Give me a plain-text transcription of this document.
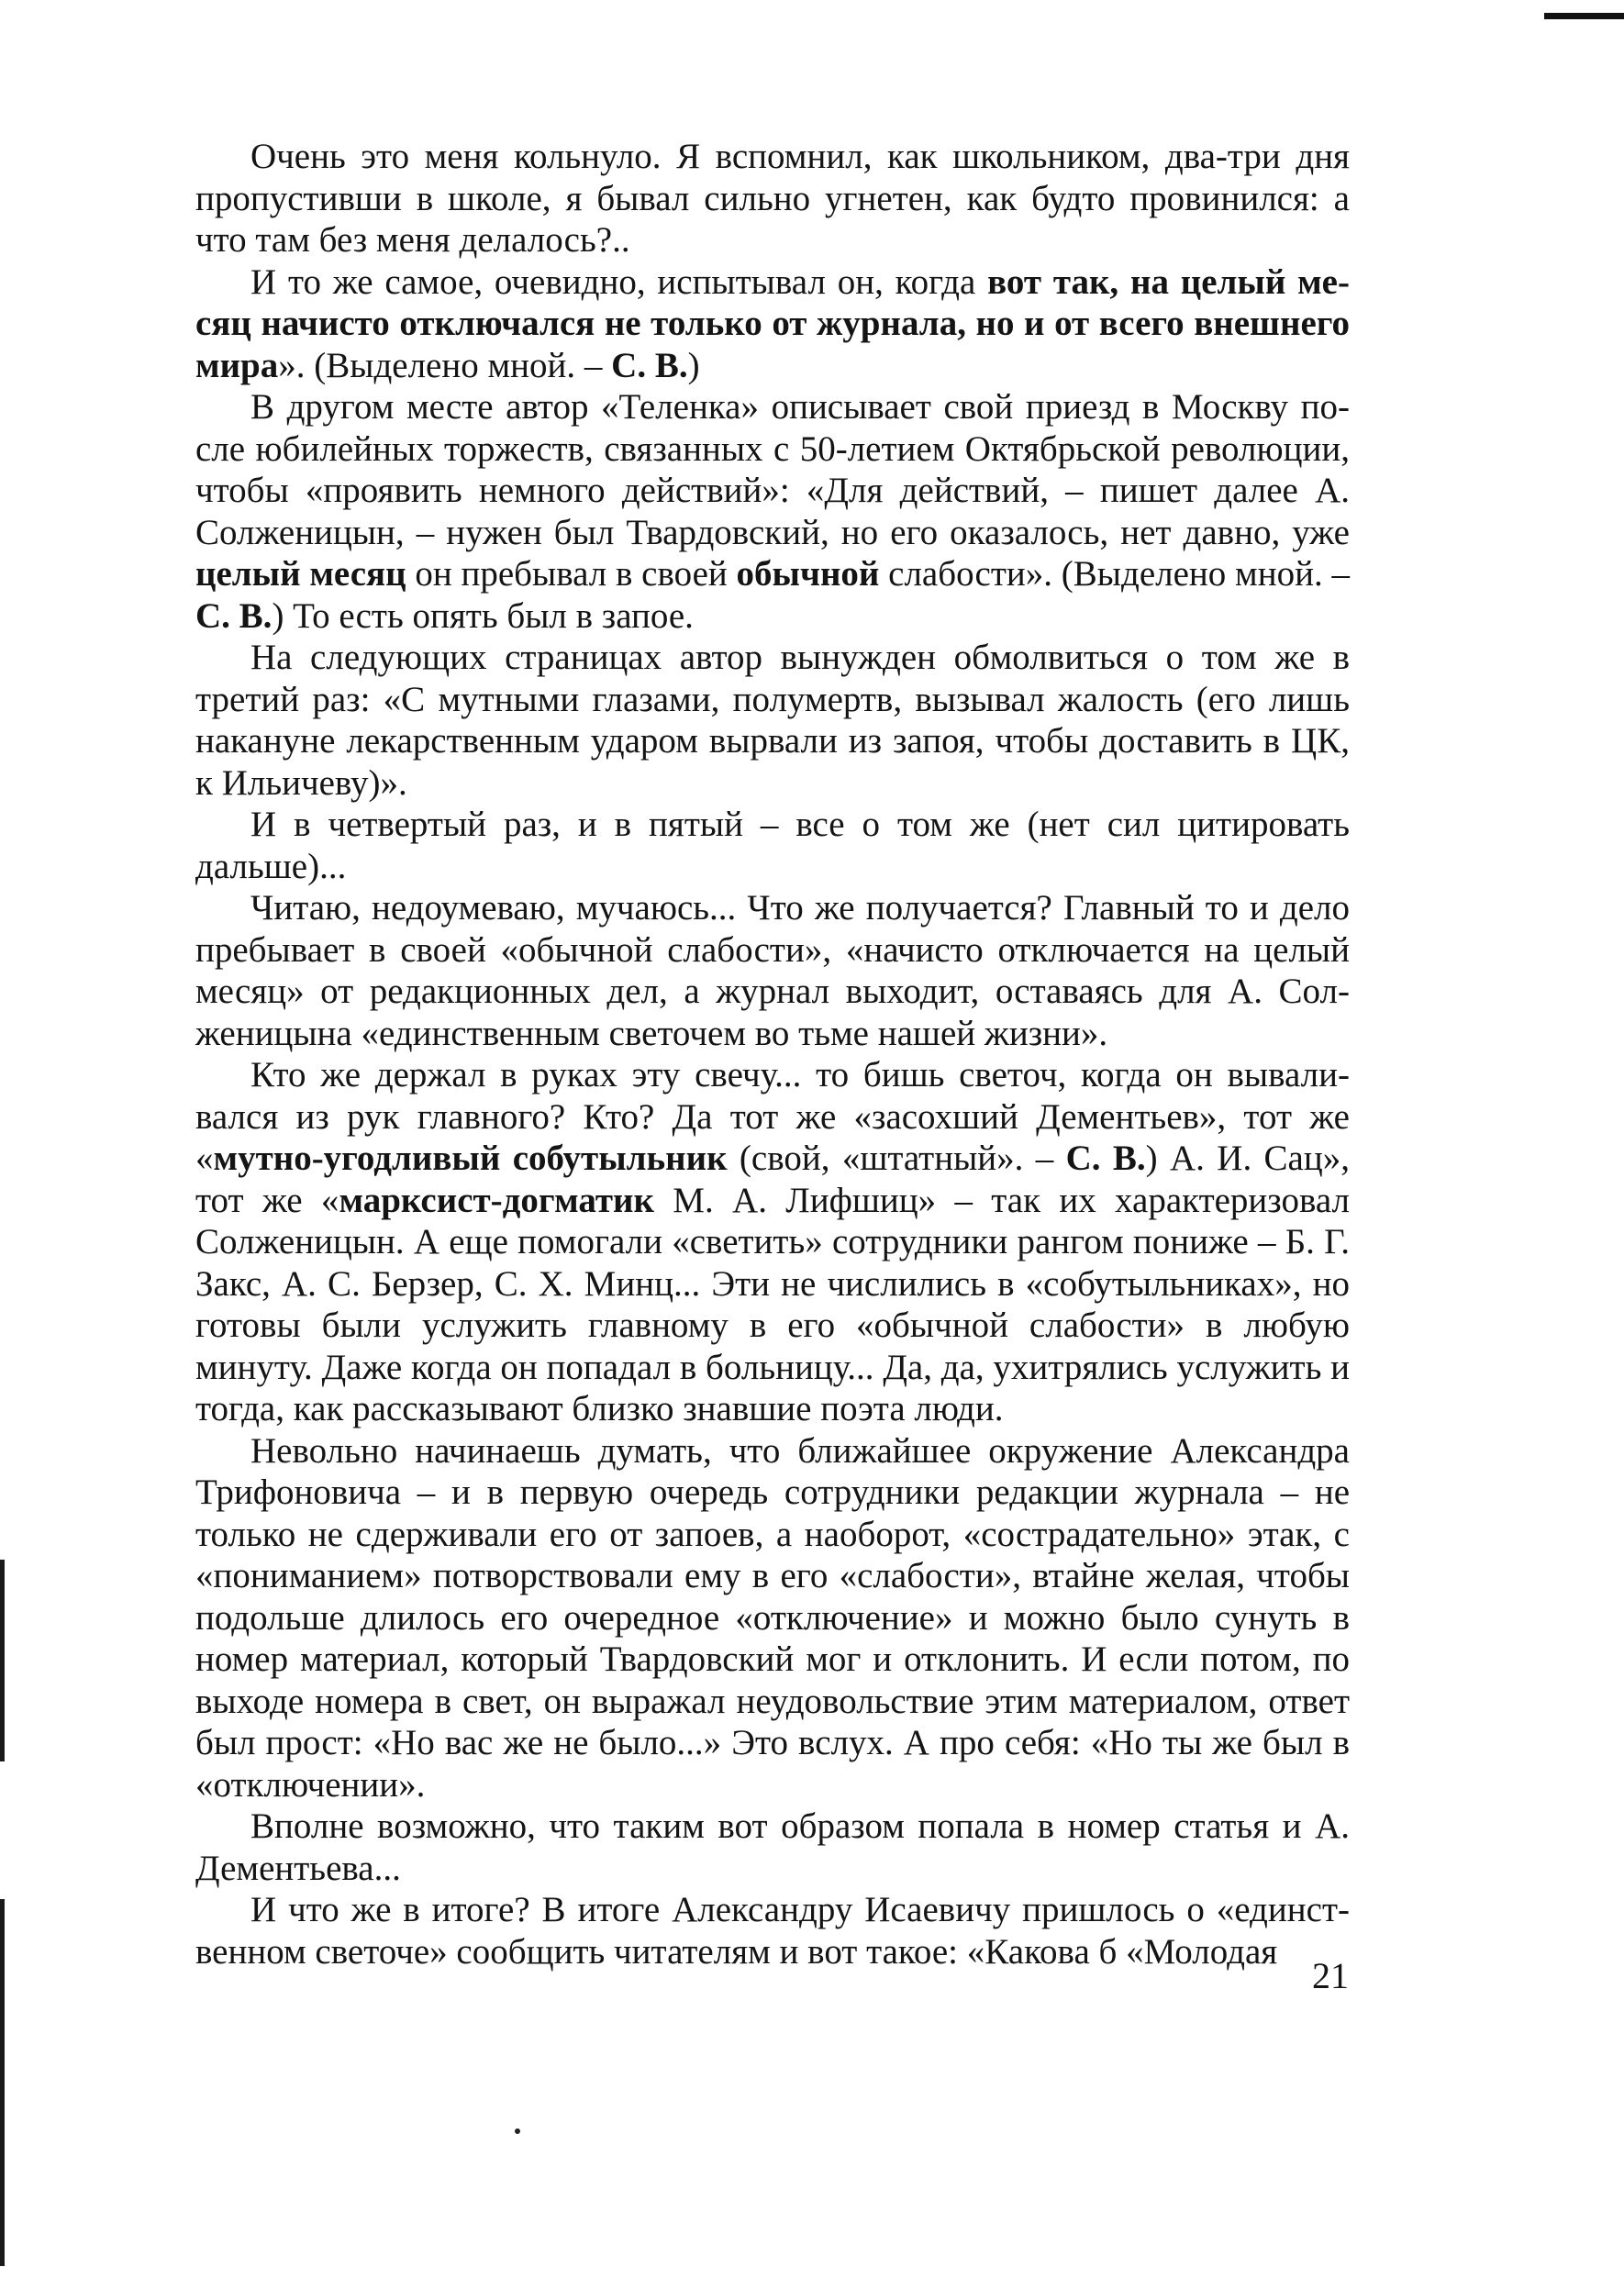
Очень это меня кольнуло. Я вспомнил, как школьником, два-три дня пропустивши в школе, я бывал сильно угнетен, как будто провинился: а что там без меня делалось?..

И то же самое, очевидно, испытывал он, когда вот так, на целый месяц начисто отключался не только от журнала, но и от всего внешнего мира». (Выделено мной. – С. В.)

В другом месте автор «Теленка» описывает свой приезд в Москву после юбилейных торжеств, связанных с 50-летием Октябрьской революции, чтобы «проявить немного действий»: «Для действий, – пишет далее А. Солженицын, – нужен был Твардовский, но его оказалось, нет давно, уже целый месяц он пребывал в своей обычной слабости». (Выделено мной. – С. В.) То есть опять был в запое.

На следующих страницах автор вынужден обмолвиться о том же в третий раз: «С мутными глазами, полумертв, вызывал жалость (его лишь накануне лекарственным ударом вырвали из запоя, чтобы доставить в ЦК, к Ильичеву)».

И в четвертый раз, и в пятый – все о том же (нет сил цитировать дальше)...

Читаю, недоумеваю, мучаюсь... Что же получается? Главный то и дело пребывает в своей «обычной слабости», «начисто отключается на целый месяц» от редакционных дел, а журнал выходит, оставаясь для А. Солженицына «единственным светочем во тьме нашей жизни».

Кто же держал в руках эту свечу... то бишь светоч, когда он вываливался из рук главного? Кто? Да тот же «засохший Дементьев», тот же «мутно-угодливый собутыльник (свой, «штатный». – С. В.) А. И. Сац», тот же «марксист-догматик М. А. Лифшиц» – так их характеризовал Солженицын. А еще помогали «светить» сотрудники рангом пониже – Б. Г. Закс, А. С. Берзер, С. Х. Минц... Эти не числились в «собутыльниках», но готовы были услужить главному в его «обычной слабости» в любую минуту. Даже когда он попадал в больницу... Да, да, ухитрялись услужить и тогда, как рассказывают близко знавшие поэта люди.

Невольно начинаешь думать, что ближайшее окружение Александра Трифоновича – и в первую очередь сотрудники редакции журнала – не только не сдерживали его от запоев, а наоборот, «сострадательно» этак, с «пониманием» потворствовали ему в его «слабости», втайне желая, чтобы подольше длилось его очередное «отключение» и можно было сунуть в номер материал, который Твардовский мог и отклонить. И если потом, по выходе номера в свет, он выражал неудовольствие этим материалом, ответ был прост: «Но вас же не было...» Это вслух. А про себя: «Но ты же был в «отключении».

Вполне возможно, что таким вот образом попала в номер статья и А. Дементьева...

И что же в итоге? В итоге Александру Исаевичу пришлось о «единственном светоче» сообщить читателям и вот такое: «Какова б «Молодая

21
